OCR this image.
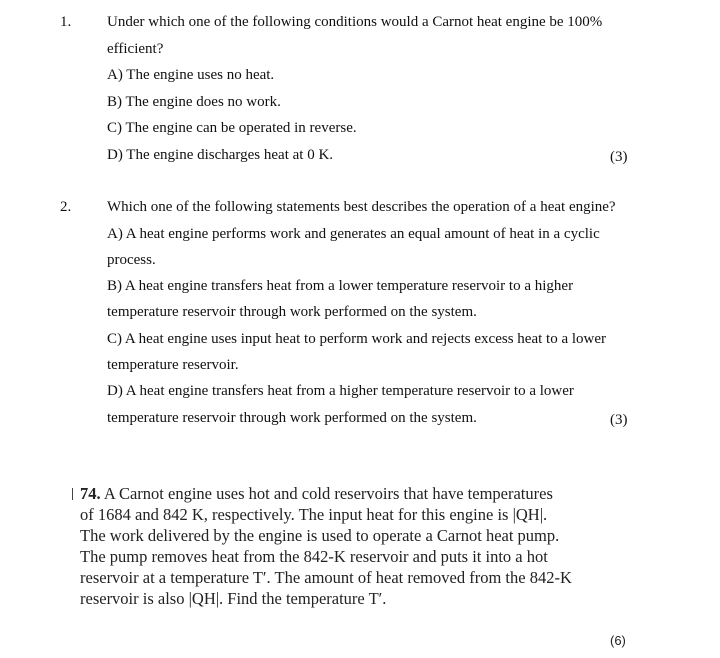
1. Under which one of the following conditions would a Carnot heat engine be 100%
efficient?
A) The engine uses no heat.
B) The engine does no work.
C) The engine can be operated in reverse.
D) The engine discharges heat at 0 K.	(3)
2. Which one of the following statements best describes the operation of a heat engine?
A) A heat engine performs work and generates an equal amount of heat in a cyclic
process.
B) A heat engine transfers heat from a lower temperature reservoir to a higher
temperature reservoir through work performed on the system.
C) A heat engine uses input heat to perform work and rejects excess heat to a lower
temperature reservoir.
D) A heat engine transfers heat from a higher temperature reservoir to a lower
temperature reservoir through work performed on the system.	(3)
74. A Carnot engine uses hot and cold reservoirs that have temperatures
of 1684 and 842 K, respectively. The input heat for this engine is |QH|.
The work delivered by the engine is used to operate a Carnot heat pump.
The pump removes heat from the 842-K reservoir and puts it into a hot
reservoir at a temperature T′. The amount of heat removed from the 842-K
reservoir is also |QH|. Find the temperature T′.
(6)
